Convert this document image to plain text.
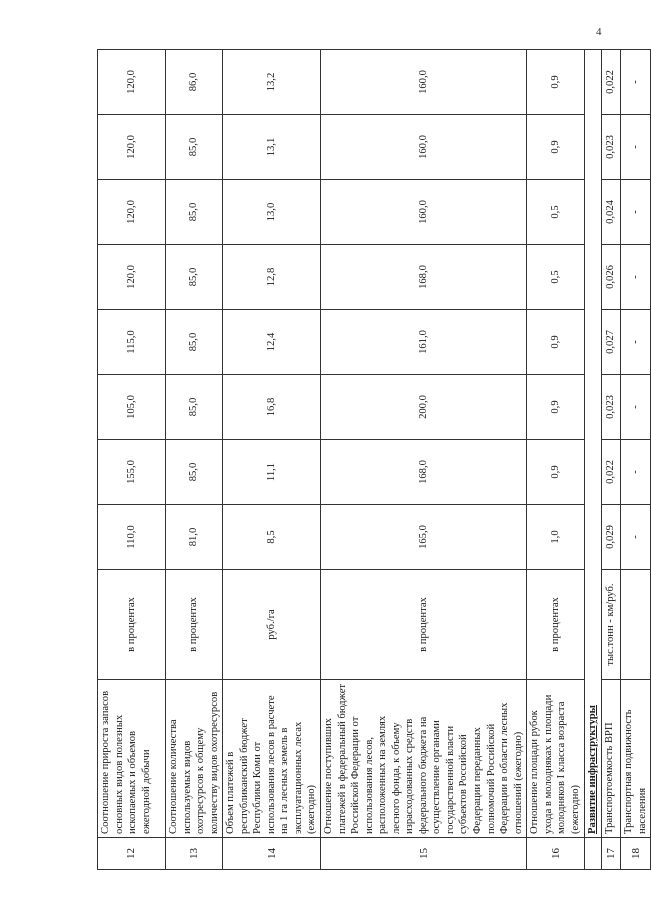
4
12	Соотношение прироста запасов основных видов полезных ископаемых и объемов ежегодной добычи	в процентах	110,0	155,0	105,0	115,0	120,0	120,0	120,0	120,0
13	Соотношение количества используемых видов охотресурсов к общему количеству видов охотресурсов	в процентах	81,0	85,0	85,0	85,0	85,0	85,0	85,0	86,0
14	Объем платежей в республиканский бюджет Республики Коми от использования лесов в расчете на 1 га лесных земель в эксплуатационных лесах (ежегодно)	руб./га	8,5	11,1	16,8	12,4	12,8	13,0	13,1	13,2
15	Отношение поступивших платежей в федеральный бюджет Российской Федерации от использования лесов, расположенных на землях лесного фонда, к объему израсходованных средств федерального бюджета на осуществление органами государственной власти субъектов Российской Федерации переданных полномочий Российской Федерации в области лесных отношений (ежегодно)	в процентах	165,0	168,0	200,0	161,0	168,0	160,0	160,0	160,0
16	Отношение площади рубок ухода в молодняках к площади молодняков I класса возраста (ежегодно)	в процентах	1,0	0,9	0,9	0,9	0,5	0,5	0,9	0,9
	Развитие инфраструктуры									
17	Транспортоемкость ВРП	тыс.тонн - км/руб.	0,029	0,022	0,023	0,027	0,026	0,024	0,023	0,022
18	Транспортная подвижность населения		-	-	-	-	-	-	-	-
